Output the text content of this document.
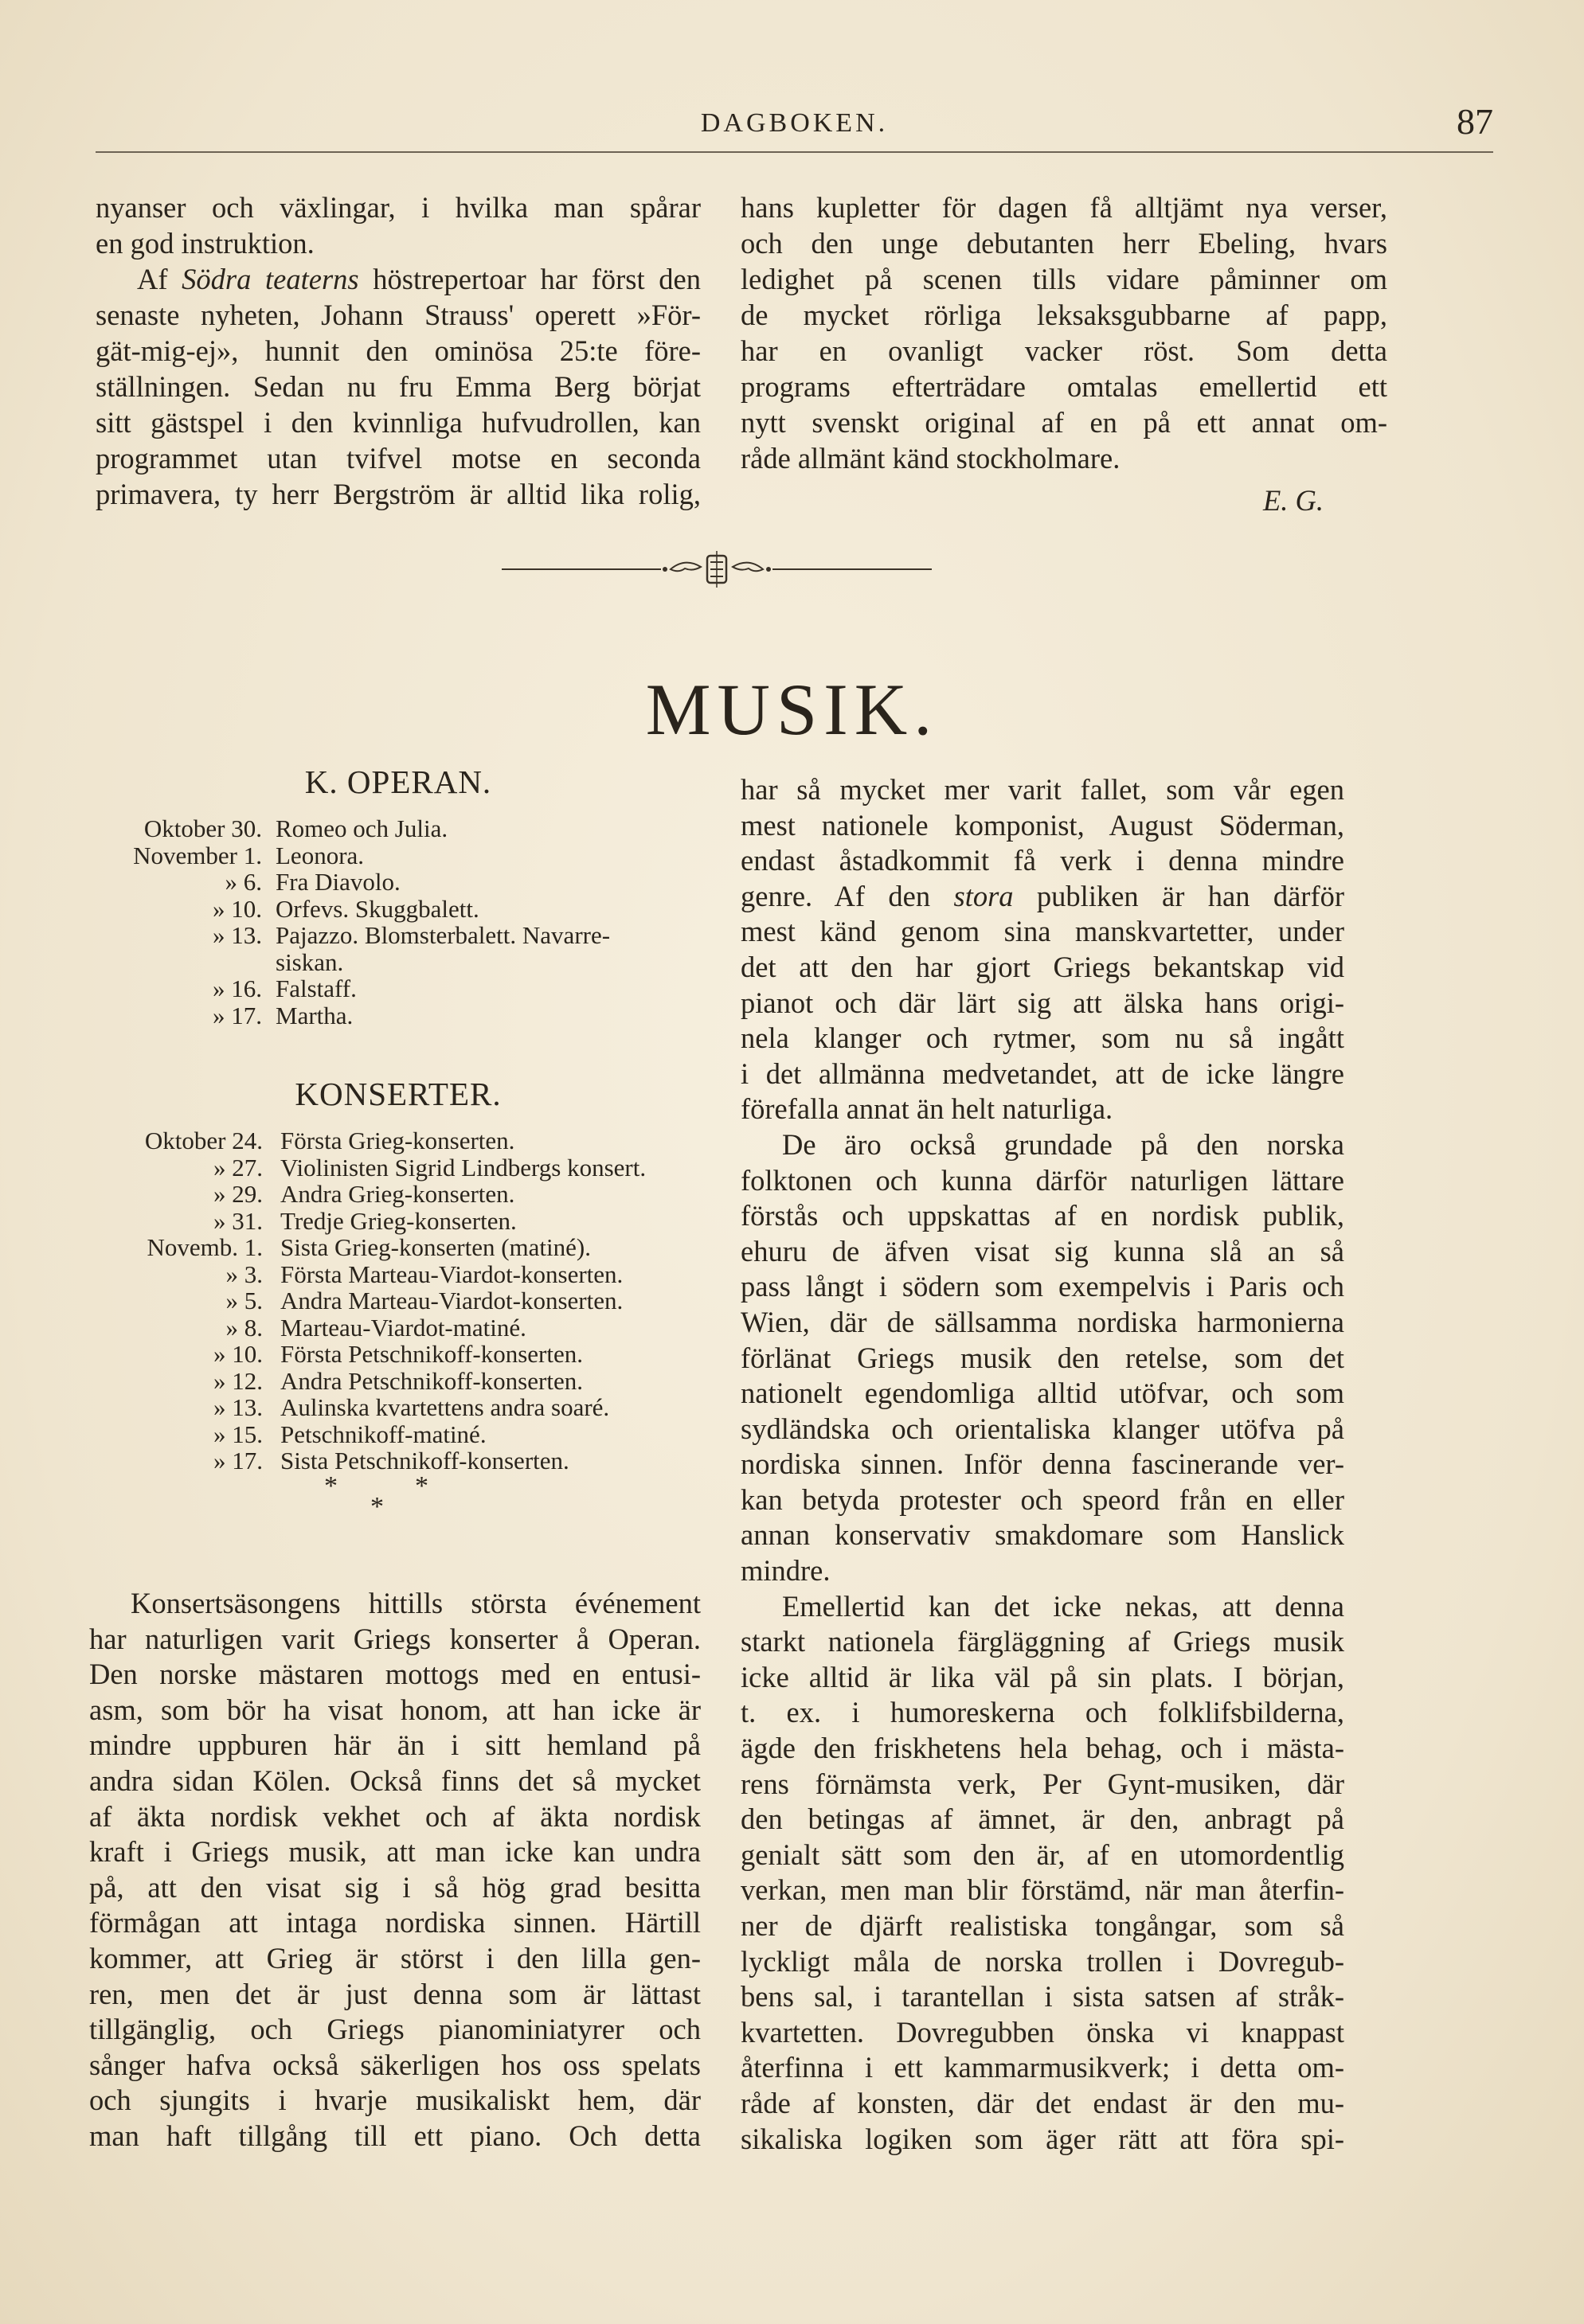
DAGBOKEN.	87
nyanser och växlingar, i hvilka man spårar
en god instruktion.
Af Södra teaterns höstrepertoar har först den
senaste nyheten, Johann Strauss' operett »För-
gät-mig-ej», hunnit den ominösa 25:te före-
ställningen. Sedan nu fru Emma Berg börjat
sitt gästspel i den kvinnliga hufvudrollen, kan
programmet utan tvifvel motse en seconda
primavera, ty herr Bergström är alltid lika rolig,
hans kupletter för dagen få alltjämt nya verser,
och den unge debutanten herr Ebeling, hvars
ledighet på scenen tills vidare påminner om
de mycket rörliga leksaksgubbarne af papp,
har en ovanligt vacker röst. Som detta
programs efterträdare omtalas emellertid ett
nytt svenskt original af en på ett annat om-
råde allmänt känd stockholmare.

E. G.

MUSIK.
K. OPERAN.
Oktober 30. Romeo och Julia.
November 1. Leonora.
» 6. Fra Diavolo.
» 10. Orfevs. Skuggbalett.
» 13. Pajazzo. Blomsterbalett. Navarre-
siskan.
» 16. Falstaff.
» 17. Martha.
KONSERTER.
Oktober 24. Första Grieg-konserten.
» 27. Violinisten Sigrid Lindbergs konsert.
» 29. Andra Grieg-konserten.
» 31. Tredje Grieg-konserten.
Novemb. 1. Sista Grieg-konserten (matiné).
» 3. Första Marteau-Viardot-konserten.
» 5. Andra Marteau-Viardot-konserten.
» 8. Marteau-Viardot-matiné.
» 10. Första Petschnikoff-konserten.
» 12. Andra Petschnikoff-konserten.
» 13. Aulinska kvartettens andra soaré.
» 15. Petschnikoff-matiné.
» 17. Sista Petschnikoff-konserten.
*	*
*
Konsertsäsongens hittills största événement
har naturligen varit Griegs konserter å Operan.
Den norske mästaren mottogs med en entusi-
asm, som bör ha visat honom, att han icke är
mindre uppburen här än i sitt hemland på
andra sidan Kölen. Också finns det så mycket
af äkta nordisk vekhet och af äkta nordisk
kraft i Griegs musik, att man icke kan undra
på, att den visat sig i så hög grad besitta
förmågan att intaga nordiska sinnen. Härtill
kommer, att Grieg är störst i den lilla gen-
ren, men det är just denna som är lättast
tillgänglig, och Griegs pianominiatyrer och
sånger hafva också säkerligen hos oss spelats
och sjungits i hvarje musikaliskt hem, där
man haft tillgång till ett piano. Och detta
har så mycket mer varit fallet, som vår egen
mest nationele komponist, August Söderman,
endast åstadkommit få verk i denna mindre
genre. Af den stora publiken är han därför
mest känd genom sina manskvartetter, under
det att den har gjort Griegs bekantskap vid
pianot och där lärt sig att älska hans origi-
nela klanger och rytmer, som nu så ingått
i det allmänna medvetandet, att de icke längre
förefalla annat än helt naturliga.
De äro också grundade på den norska
folktonen och kunna därför naturligen lättare
förstås och uppskattas af en nordisk publik,
ehuru de äfven visat sig kunna slå an så
pass långt i södern som exempelvis i Paris och
Wien, där de sällsamma nordiska harmonierna
förlänat Griegs musik den retelse, som det
nationelt egendomliga alltid utöfvar, och som
sydländska och orientaliska klanger utöfva på
nordiska sinnen. Inför denna fascinerande ver-
kan betyda protester och speord från en eller
annan konservativ smakdomare som Hanslick
mindre.
Emellertid kan det icke nekas, att denna
starkt nationela färgläggning af Griegs musik
icke alltid är lika väl på sin plats. I början,
t. ex. i humoreskerna och folklifsbilderna,
ägde den friskhetens hela behag, och i mästa-
rens förnämsta verk, Per Gynt-musiken, där
den betingas af ämnet, är den, anbragt på
genialt sätt som den är, af en utomordentlig
verkan, men man blir förstämd, när man återfin-
ner de djärft realistiska tongångar, som så
lyckligt måla de norska trollen i Dovregub-
bens sal, i tarantellan i sista satsen af stråk-
kvartetten. Dovregubben önska vi knappast
återfinna i ett kammarmusikverk; i detta om-
råde af konsten, där det endast är den mu-
sikaliska logiken som äger rätt att föra spi-
